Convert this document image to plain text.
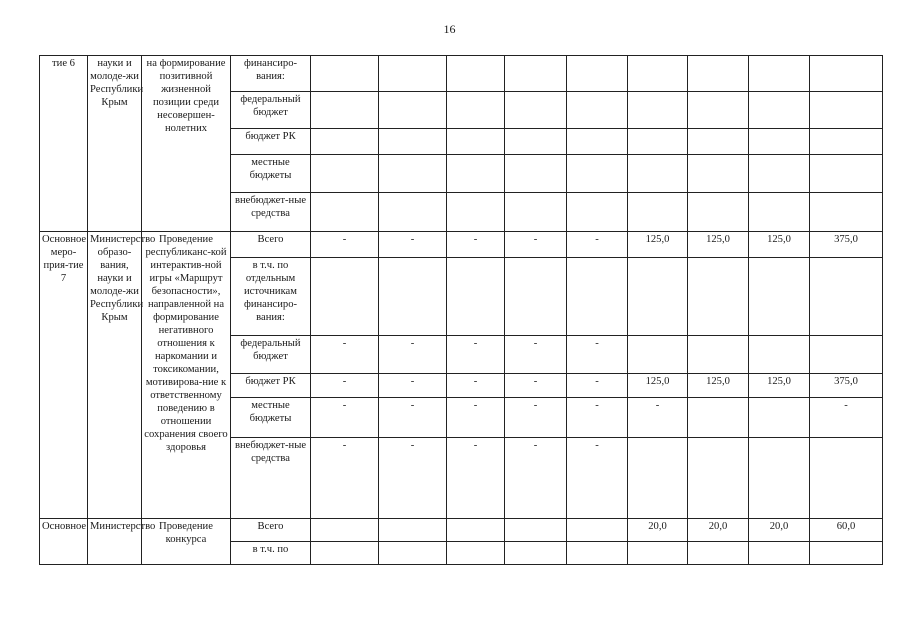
16
тие 6	науки и молоде-жи Республики Крым	на формирование позитивной жизненной позиции среди несовершен-нолетних	финансиро-вания:									
			федеральный бюджет									
			бюджет РК									
			местные бюджеты									
			внебюджет-ные средства									
Основное меро-прия-тие 7	Министерство образо-вания, науки и молоде-жи Республики Крым	Проведение республиканс-кой интерактив-ной игры «Маршрут безопасности», направленной на формирование негативного отношения к наркомании и токсикомании, мотивирова-ние к ответственному поведению в отношении сохранения своего здоровья	Всего	-	-	-	-	-	125,0	125,0	125,0	375,0
			в т.ч. по отдельным источникам финансиро-вания:									
			федеральный бюджет	-	-	-	-	-				
			бюджет РК	-	-	-	-	-	125,0	125,0	125,0	375,0
			местные бюджеты	-	-	-	-	-	-			-
			внебюджет-ные средства	-	-	-	-	-				
Основное	Министерство	Проведение конкурса	Всего						20,0	20,0	20,0	60,0
			в т.ч. по									
